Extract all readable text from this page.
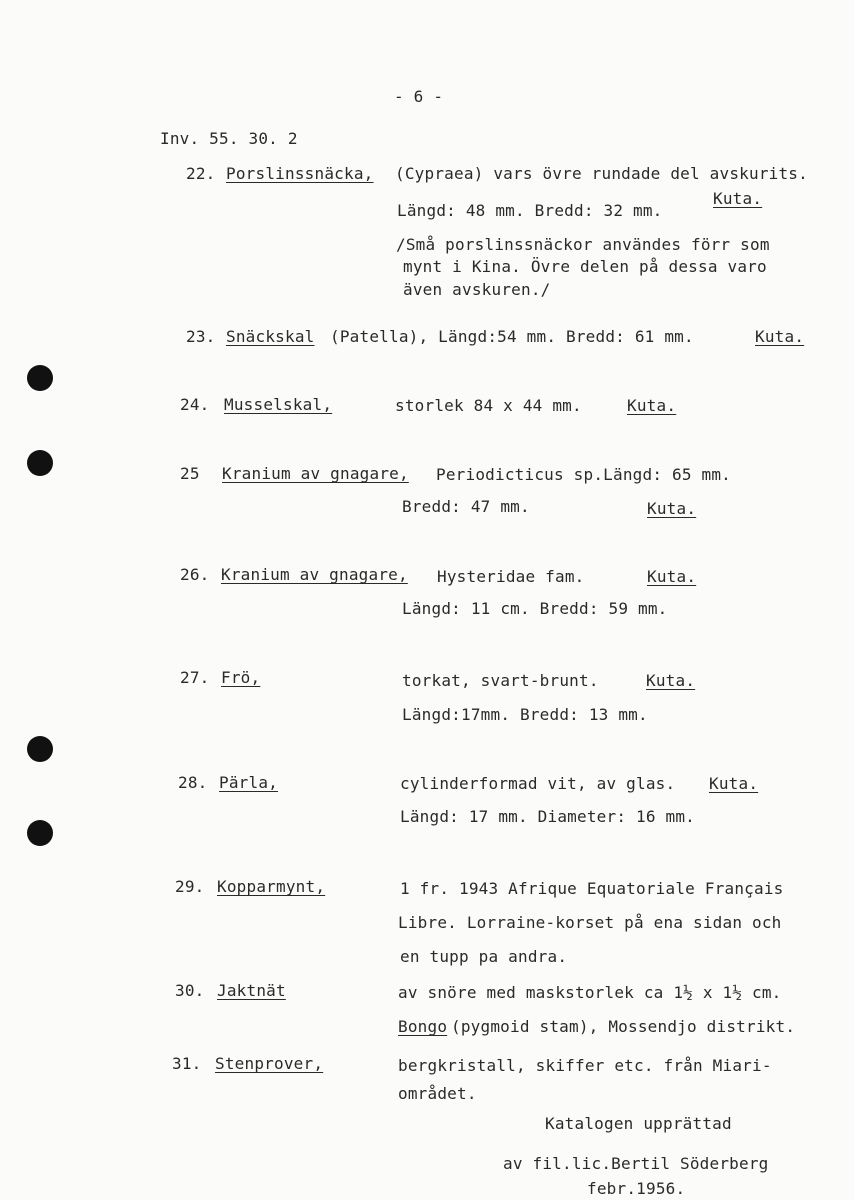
- 6 -
Inv. 55. 30. 2
22. Porslinssnäcka, (Cypraea) vars övre rundade del avskurits.
Kuta.
Längd: 48 mm. Bredd: 32 mm.
/Små porslinssnäckor användes förr som
mynt i Kina. Övre delen på dessa varo
även avskuren./
23. Snäckskal (Patella), Längd:54 mm. Bredd: 61 mm.	Kuta.
24. Musselskal,	storlek 84 x 44 mm.	Kuta.
25 Kranium av gnagare, Periodicticus sp.Längd: 65 mm.
Bredd: 47 mm.	Kuta.
26. Kranium av gnagare, Hysteridae fam.	Kuta.
Längd: 11 cm. Bredd: 59 mm.
27. Frö,	torkat, svart-brunt.	Kuta.
Längd:17mm. Bredd: 13 mm.
28. Pärla,	cylinderformad vit, av glas. Kuta.
Längd: 17 mm. Diameter: 16 mm.
29. Kopparmynt,	1 fr. 1943 Afrique Equatoriale Français
Libre. Lorraine-korset på ena sidan och
en tupp pa andra.
30. Jaktnät	av snöre med maskstorlek ca 1½ x 1½ cm.
Bongo (pygmoid stam), Mossendjo distrikt.
31. Stenprover,	bergkristall, skiffer etc. från Miari-
området.
Katalogen upprättad
av fil.lic.Bertil Söderberg
febr.1956.
